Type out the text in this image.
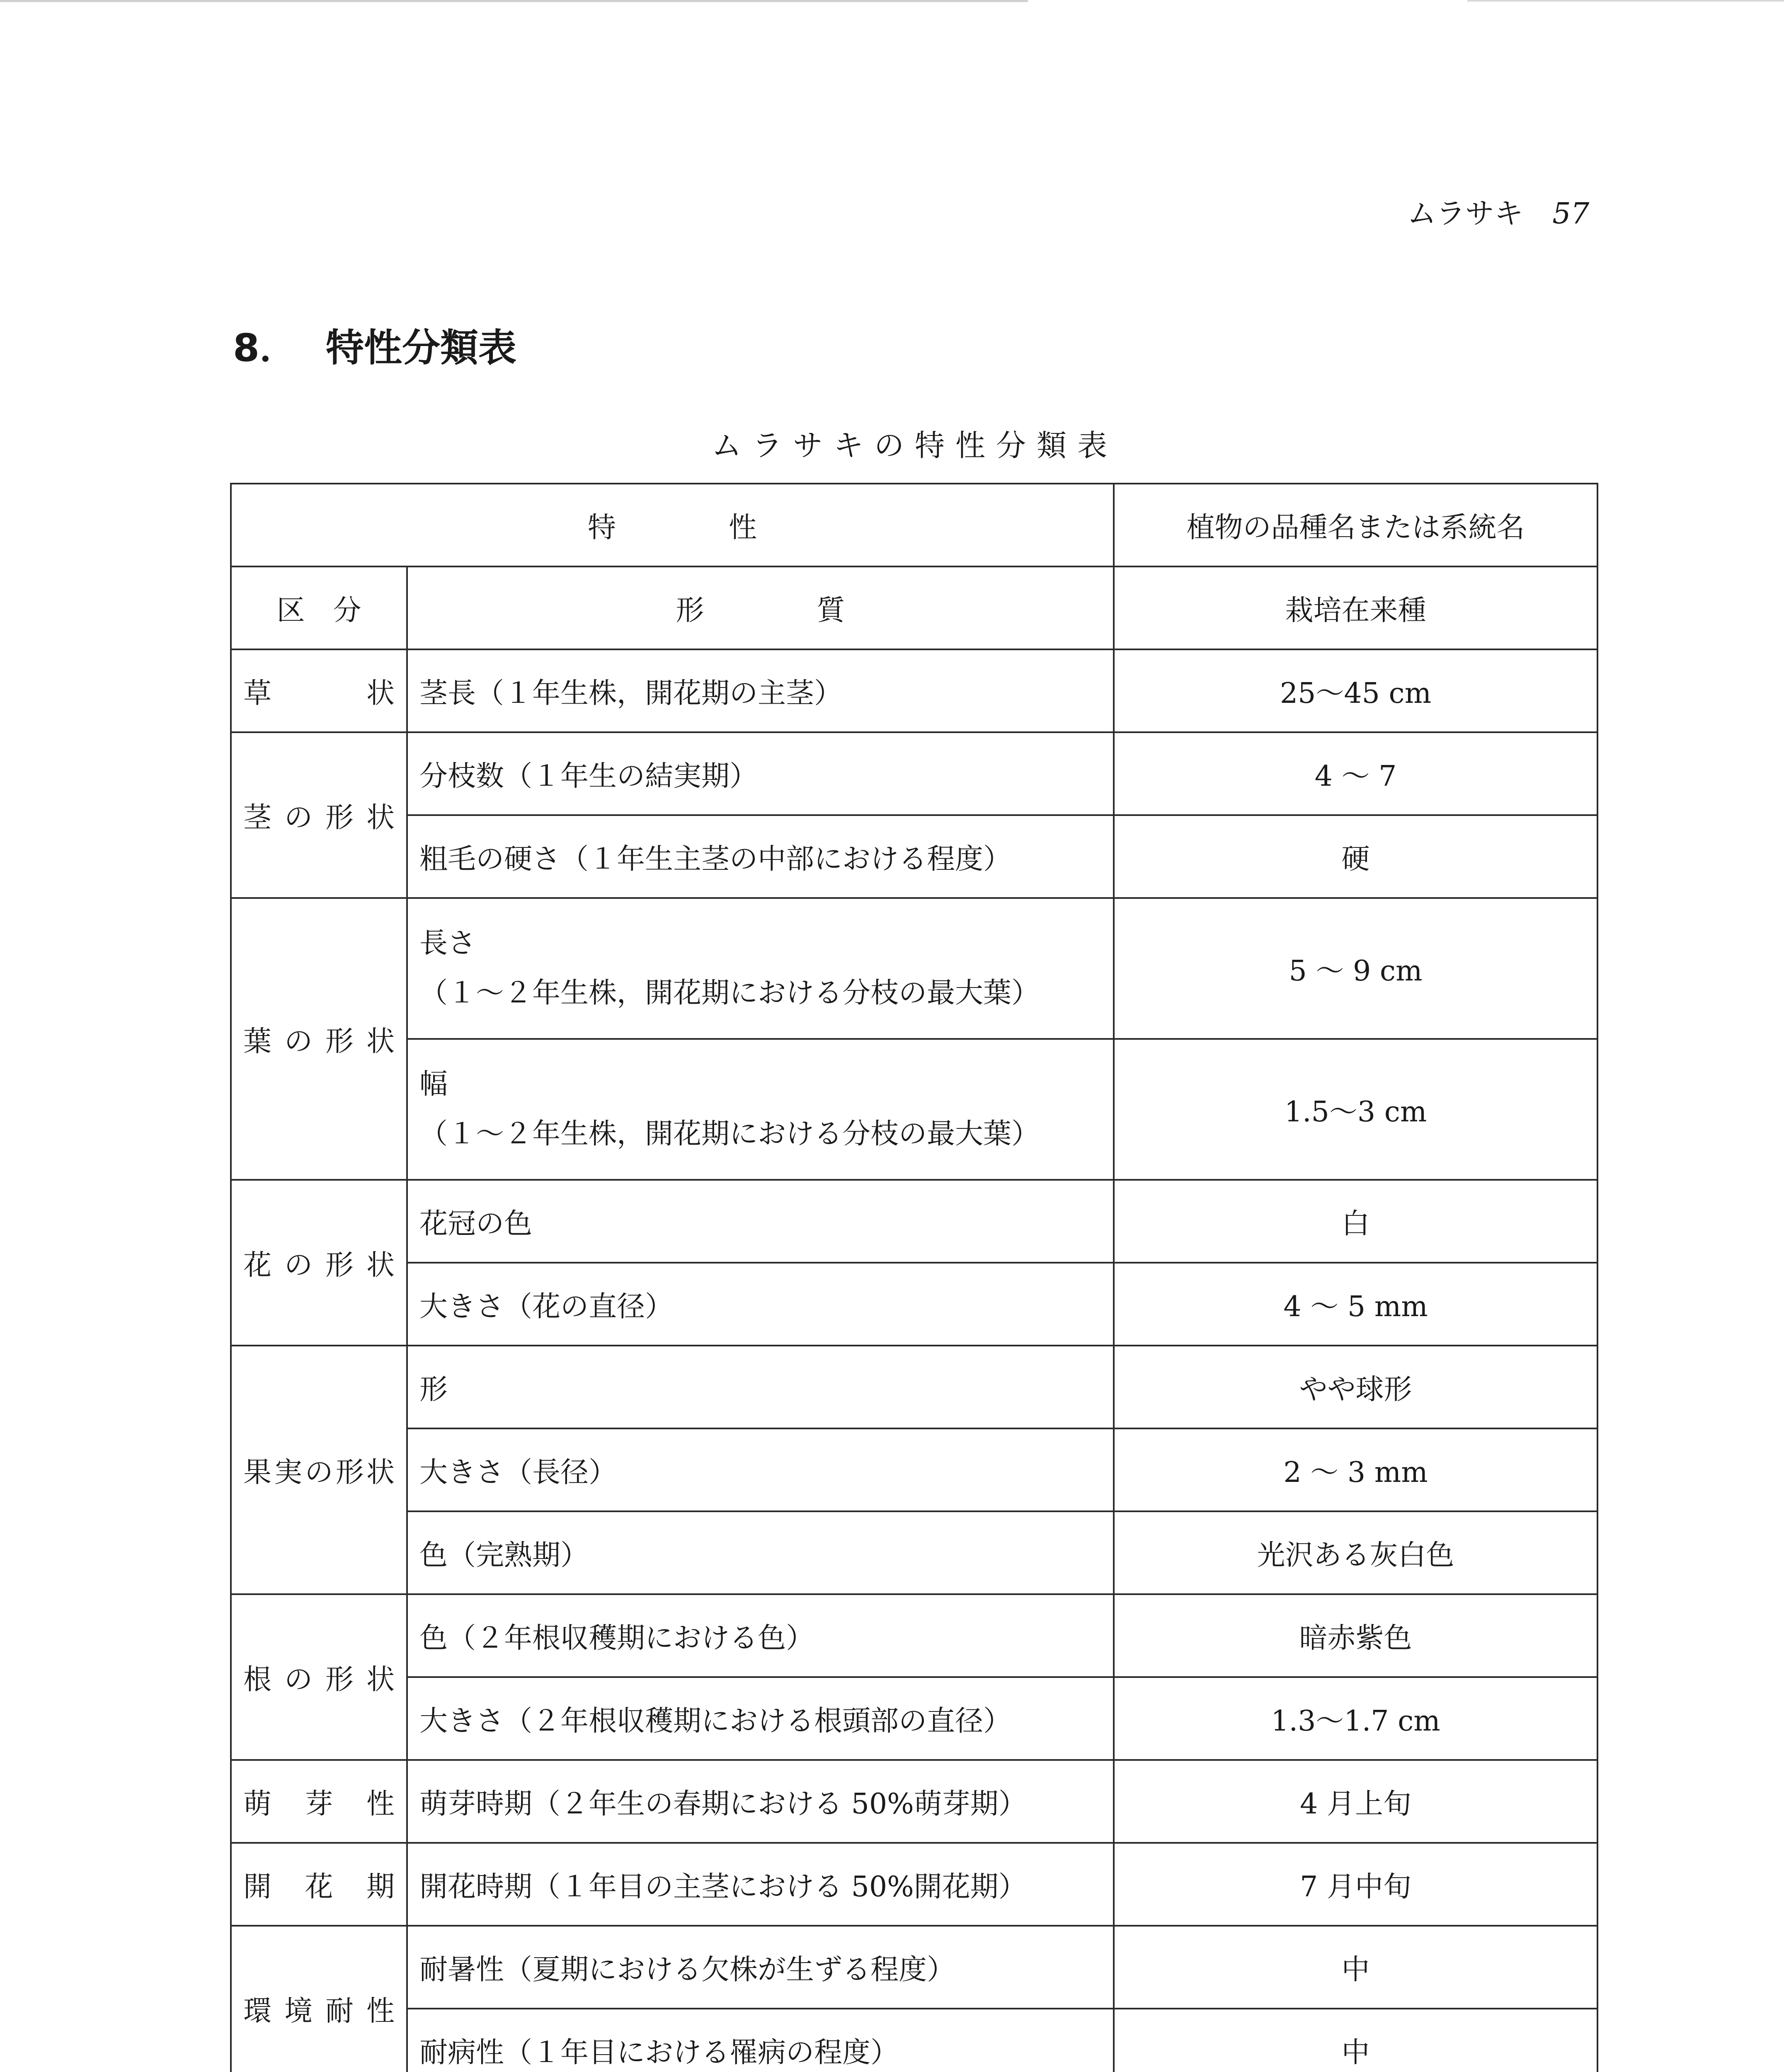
ムラサキ 57
8． 特性分類表
ムラサキの特性分類表
特　　　　性		植物の品種名または系統名
区　分	形　　　　質	栽培在来種
草　　状	茎長（１年生株，開花期の主茎）	25～45 cm
茎の形状	分枝数（１年生の結実期）	4 ～ 7
	粗毛の硬さ（１年生主茎の中部における程度）	硬
葉の形状	長さ
（１～２年生株，開花期における分枝の最大葉）	5 ～ 9 cm

	幅
（１～２年生株，開花期における分枝の最大葉）	1.5～3 cm
花の形状	花冠の色	白
	大きさ（花の直径）	4 ～ 5 mm
果実の形状	形	やや球形
	大きさ（長径）	2 ～ 3 mm
	色（完熟期）	光沢ある灰白色
根の形状	色（２年根収穫期における色）	暗赤紫色
	大きさ（２年根収穫期における根頭部の直径）	1.3～1.7 cm
萌芽性	萌芽時期（２年生の春期における 50%萌芽期）	4 月上旬
開花期	開花時期（１年目の主茎における 50%開花期）	7 月中旬
環境耐性	耐暑性（夏期における欠株が生ずる程度）	中
	耐病性（１年目における罹病の程度）	中
